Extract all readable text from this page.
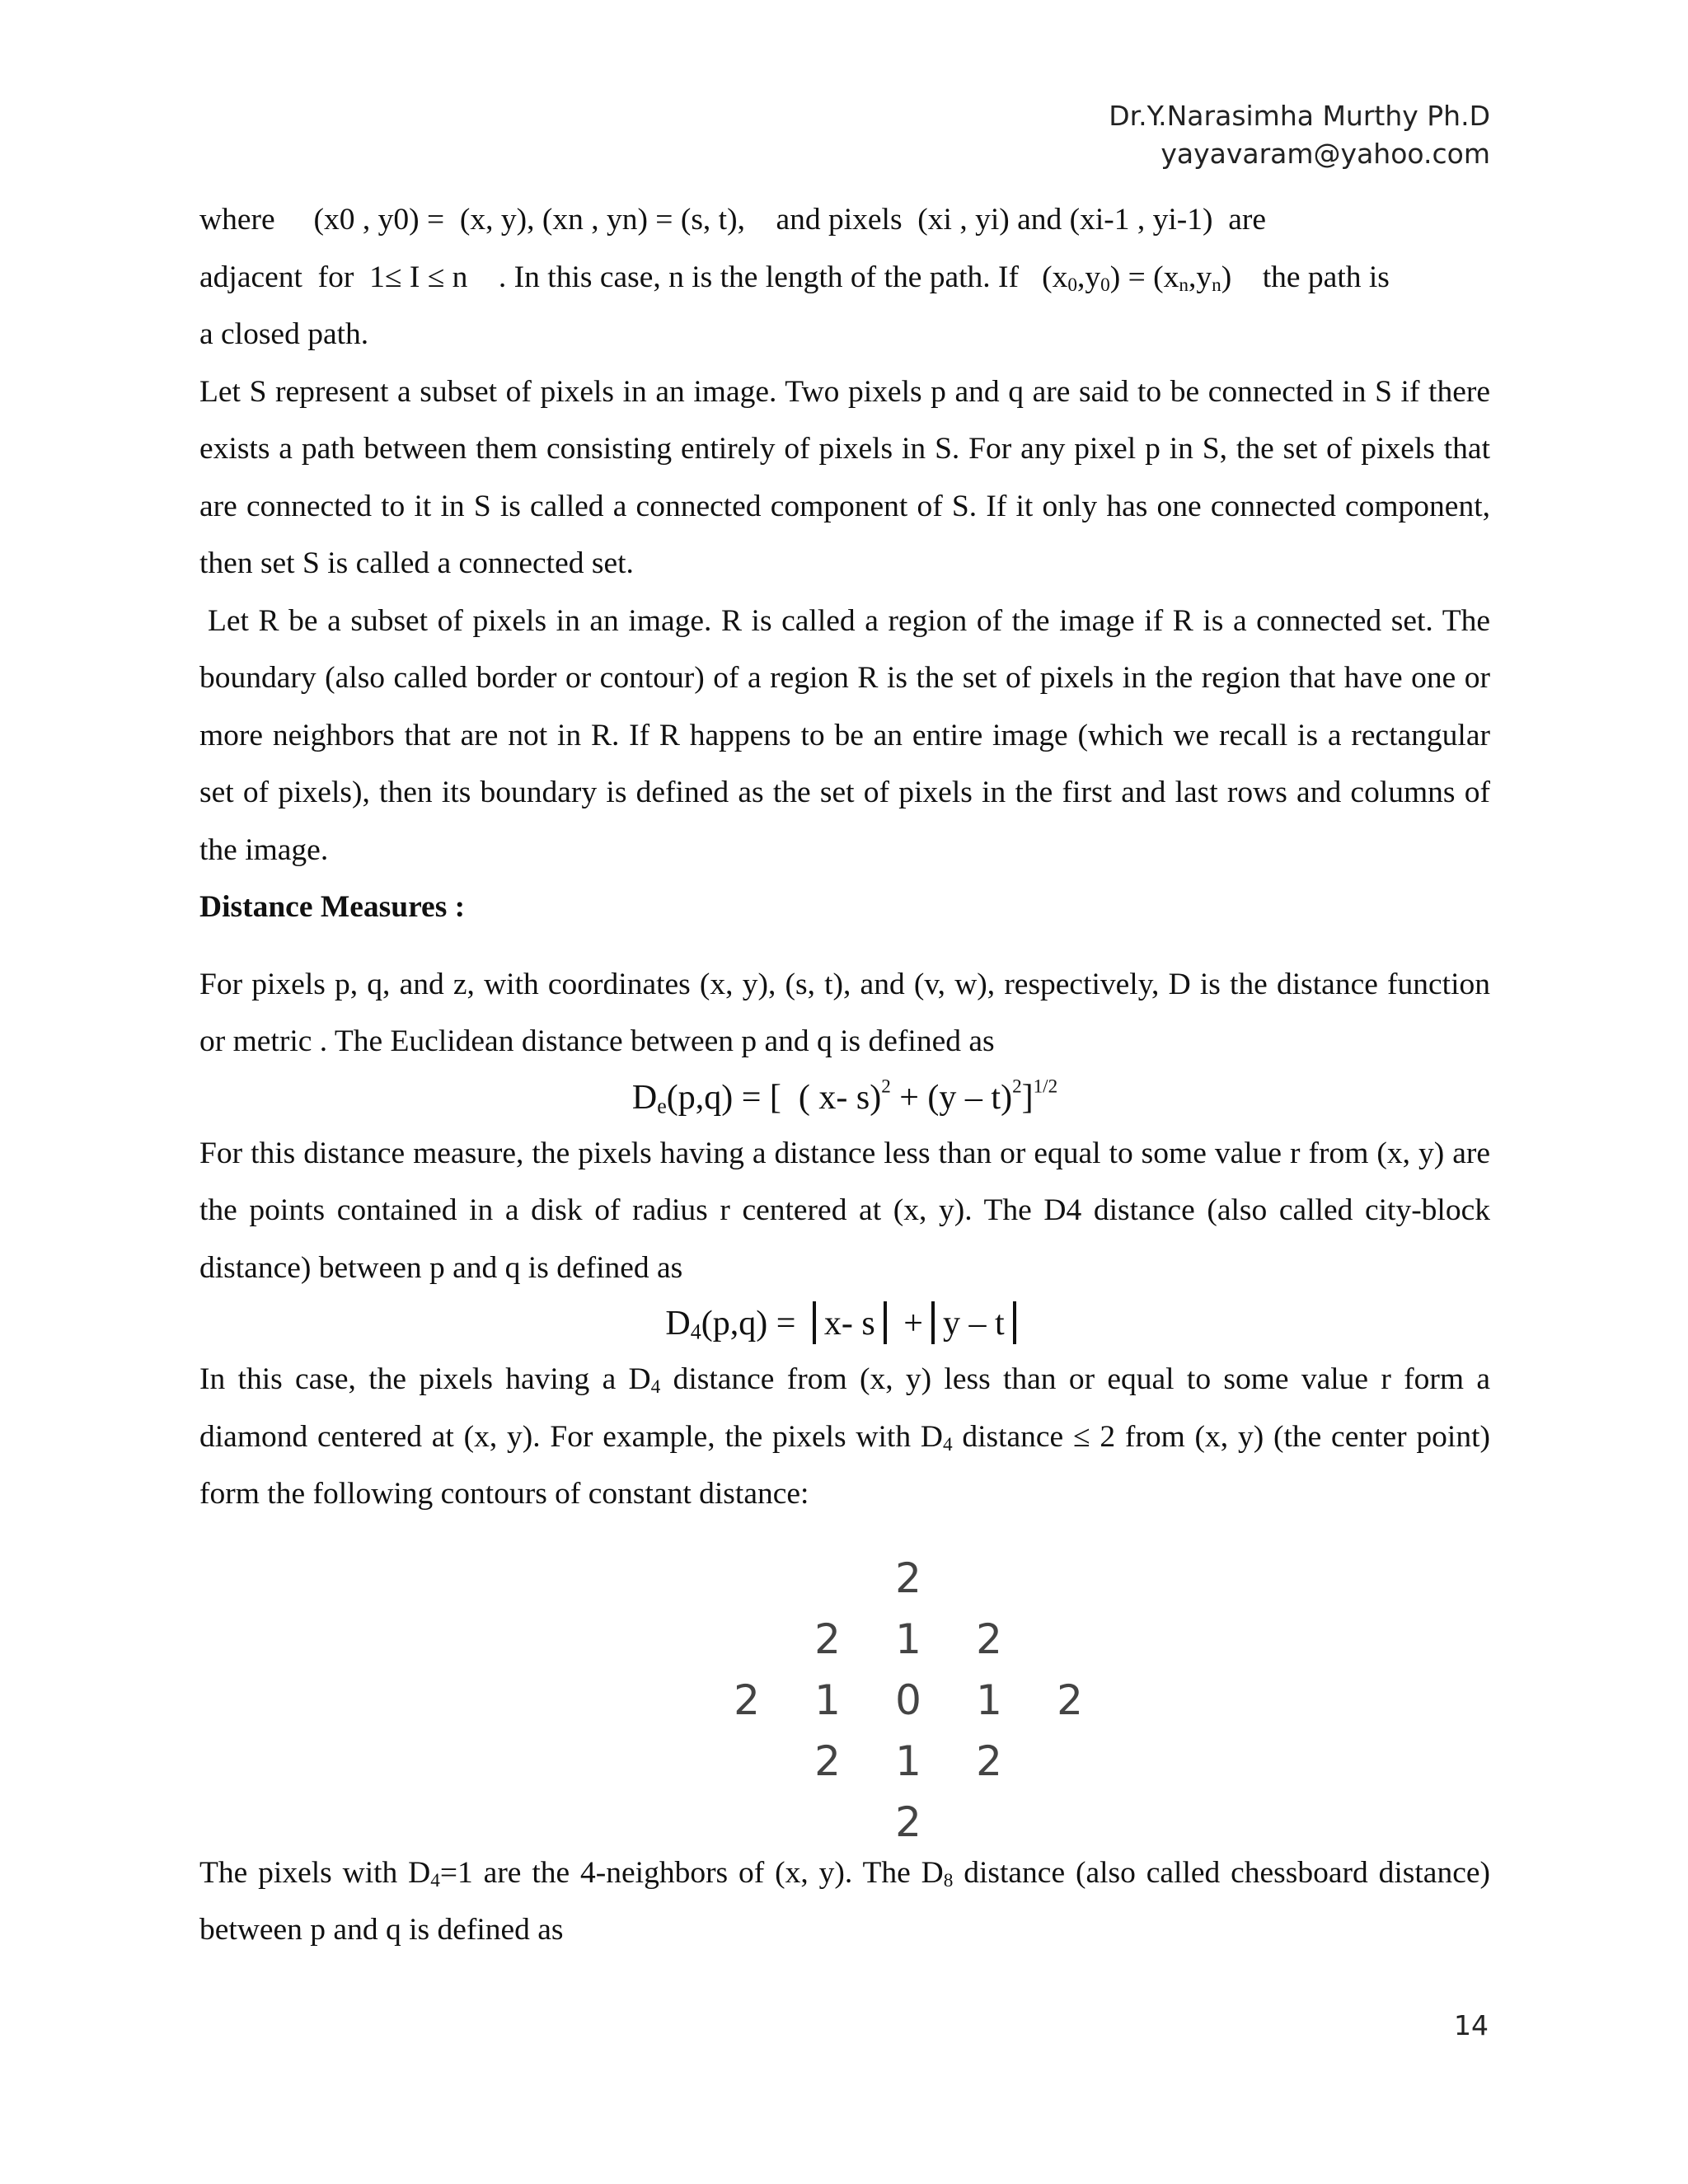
Dr.Y.Narasimha Murthy Ph.D
yayavaram@yahoo.com

where     (x0 , y0) =  (x, y), (xn , yn) = (s, t),    and pixels  (xi , yi) and (xi-1 , yi-1)  are

adjacent  for  1≤ I ≤ n    . In this case, n is the length of the path. If   $(x_0,y_0) = (x_n,y_n)$    the path is

a closed path.

Let S represent a subset of pixels in an image. Two pixels p and q are said to be connected in S if there exists a path between them consisting entirely of pixels in S. For any pixel p in S, the set of pixels that are connected to it in S is called a connected component of S. If it only has one connected component, then set S is called a connected set.

Let R be a subset of pixels in an image. R is called a region of the image if R is a connected set. The boundary (also called border or contour) of a region R is the set of pixels in the region that have one or more neighbors that are not in R. If R happens to be an entire image (which we recall is a rectangular set of pixels), then its boundary is defined as the set of pixels in the first and last rows and columns of the image.

Distance Measures :

For pixels p, q, and z, with coordinates (x, y), (s, t), and (v, w), respectively, D is the distance function or metric . The Euclidean distance between p and q is defined as

$D_e(p,q)$ = [  ( x- s)$^2$ + (y – t)$^2$]$^{1/2}$

For this distance measure, the pixels having a distance less than or equal to some value r from (x, y) are the points contained in a disk of radius r centered at (x, y). The D4 distance (also called city-block distance) between p and q is defined as

$D_4(p,q) = x-$ s + y – t

In this case, the pixels having a $D_4$ distance from (x, y) less than or equal to some value r form a diamond centered at (x, y). For example, the pixels with $D_4$ distance ≤ 2 from (x, y) (the center point) form the following contours of constant distance:

2
2	1	2
2	1	0	1	2
2	1	2
2

The pixels with $D_4=1$ are the 4-neighbors of (x, y). The $D_8$ distance (also called chessboard distance) between p and q is defined as

14
